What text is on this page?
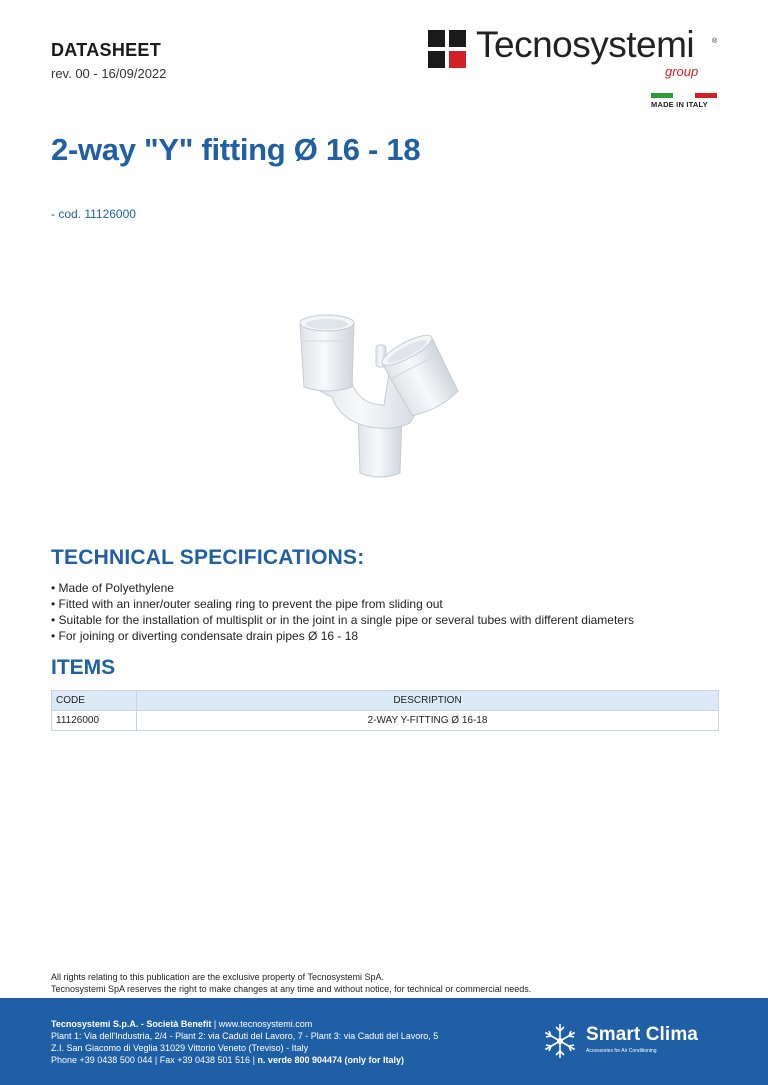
DATASHEET
rev. 00 - 16/09/2022
Tecnosystemi	®
group
MADE IN ITALY
2-way "Y" fitting Ø 16 - 18
- cod. 11126000
TECHNICAL SPECIFICATIONS:
• Made of Polyethylene
• Fitted with an inner/outer sealing ring to prevent the pipe from sliding out
• Suitable for the installation of multisplit or in the joint in a single pipe or several tubes with different diameters
• For joining or diverting condensate drain pipes Ø 16 - 18
ITEMS
CODE	DESCRIPTION
11126000	2-WAY Y-FITTING Ø 16-18
All rights relating to this publication are the exclusive property of Tecnosystemi SpA.
Tecnosystemi SpA reserves the right to make changes at any time and without notice, for technical or commercial needs.
Tecnosystemi S.p.A. - Società Benefit | www.tecnosystemi.com
Plant 1: Via dell'Industria, 2/4 - Plant 2: via Caduti del Lavoro, 7 - Plant 3: via Caduti del Lavoro, 5
Z.I. San Giacomo di Veglia 31029 Vittorio Veneto (Treviso) - Italy
Phone +39 0438 500 044 | Fax +39 0438 501 516 | n. verde 800 904474 (only for Italy)
Smart Clima
Accessories for Air Conditioning
